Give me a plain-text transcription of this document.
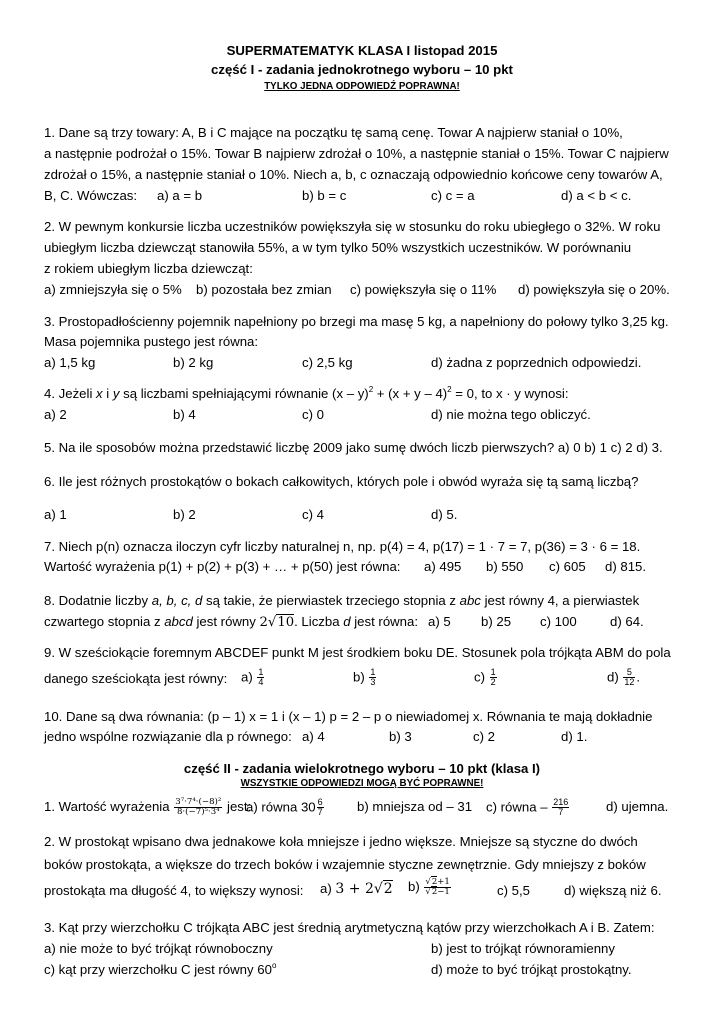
SUPERMATEMATYK KLASA I listopad 2015
część I - zadania jednokrotnego wyboru – 10 pkt
TYLKO JEDNA ODPOWIEDŹ POPRAWNA!
1. Dane są trzy towary: A, B i C mające na początku tę samą cenę. Towar A najpierw staniał o 10%,
a następnie podrożał o 15%. Towar B najpierw zdrożał o 10%, a następnie staniał o 15%. Towar C najpierw
zdrożał o 15%, a następnie staniał o 10%. Niech a, b, c oznaczają odpowiednio końcowe ceny towarów A,
B, C. Wówczas: a) a = b	b) b = c	c) c = a	d) a < b < c.
2. W pewnym konkursie liczba uczestników powiększyła się w stosunku do roku ubiegłego o 32%. W roku
ubiegłym liczba dziewcząt stanowiła 55%, a w tym tylko 50% wszystkich uczestników. W porównaniu
z rokiem ubiegłym liczba dziewcząt:
a) zmniejszyła się o 5% b) pozostała bez zmian c) powiększyła się o 11% d) powiększyła się o 20%.
3. Prostopadłościenny pojemnik napełniony po brzegi ma masę 5 kg, a napełniony do połowy tylko 3,25 kg.
Masa pojemnika pustego jest równa:
a) 1,5 kg	b) 2 kg	c) 2,5 kg	d) żadna z poprzednich odpowiedzi.
4. Jeżeli x i y są liczbami spełniającymi równanie $(x - y)^2 + (x + y - 4)^2 = 0$, to x · y wynosi:
a) 2	b) 4	c) 0	d) nie można tego obliczyć.
5. Na ile sposobów można przedstawić liczbę 2009 jako sumę dwóch liczb pierwszych? a) 0 b) 1 c) 2 d) 3.
6. Ile jest różnych prostokątów o bokach całkowitych, których pole i obwód wyraża się tą samą liczbą?
a) 1	b) 2	c) 4	d) 5.
7. Niech p(n) oznacza iloczyn cyfr liczby naturalnej n, np. p(4) = 4, p(17) = 1 · 7 = 7, p(36) = 3 · 6 = 18.
Wartość wyrażenia p(1) + p(2) + p(3) + … + p(50) jest równa: a) 495 b) 550 c) 605 d) 815.
8. Dodatnie liczby a, b, c, d są takie, że pierwiastek trzeciego stopnia z abc jest równy 4, a pierwiastek
czwartego stopnia z abcd jest równy 2√10. Liczba d jest równa: a) 5 b) 25 c) 100	d) 64.
9. W sześciokącie foremnym ABCDEF punkt M jest środkiem boku DE. Stosunek pola trójkąta ABM do pola
danego sześciokąta jest równy: $a) \frac{1}{4}$	$b) \frac{1}{3}$	$c) \frac{1}{2}$	$d) \frac{5}{12}$ .
10. Dane są dwa równania: (p – 1) x = 1 i (x – 1) p = 2 – p o niewiadomej x. Równania te mają dokładnie
jedno wspólne rozwiązanie dla p równego: a) 4	b) 3	c) 2	d) 1.
część II - zadania wielokrotnego wyboru – 10 pkt (klasa I)
WSZYSTKIE ODPOWIEDZI MOGĄ BYĆ POPRAWNE!
1. Wartość wyrażenia $\frac{\text{3⁷·7⁴·(−8)²}}{\text{8·(−7)⁵·3⁴}}$ jest:
a) równa $30 \frac{6}{7}$	b) mniejsza od – 31 c) równa – $\frac{216}{7}$	d) ujemna.
2. W prostokąt wpisano dwa jednakowe koła mniejsze i jedno większe. Mniejsze są styczne do dwóch
boków prostokąta, a większe do trzech boków i wzajemnie styczne zewnętrznie. Gdy mniejszy z boków
prostokąta ma długość 4, to większy wynosi: a) 3 + 2√2 $b) \frac{√2+1}{√2-1}$	c) 5,5	d) większą niż 6.
3. Kąt przy wierzchołku C trójkąta ABC jest średnią arytmetyczną kątów przy wierzchołkach A i B. Zatem:
a) nie może to być trójkąt równoboczny	b) jest to trójkąt równoramienny
c) kąt przy wierzchołku C jest równy 60$^o$	d) może to być trójkąt prostokątny.
